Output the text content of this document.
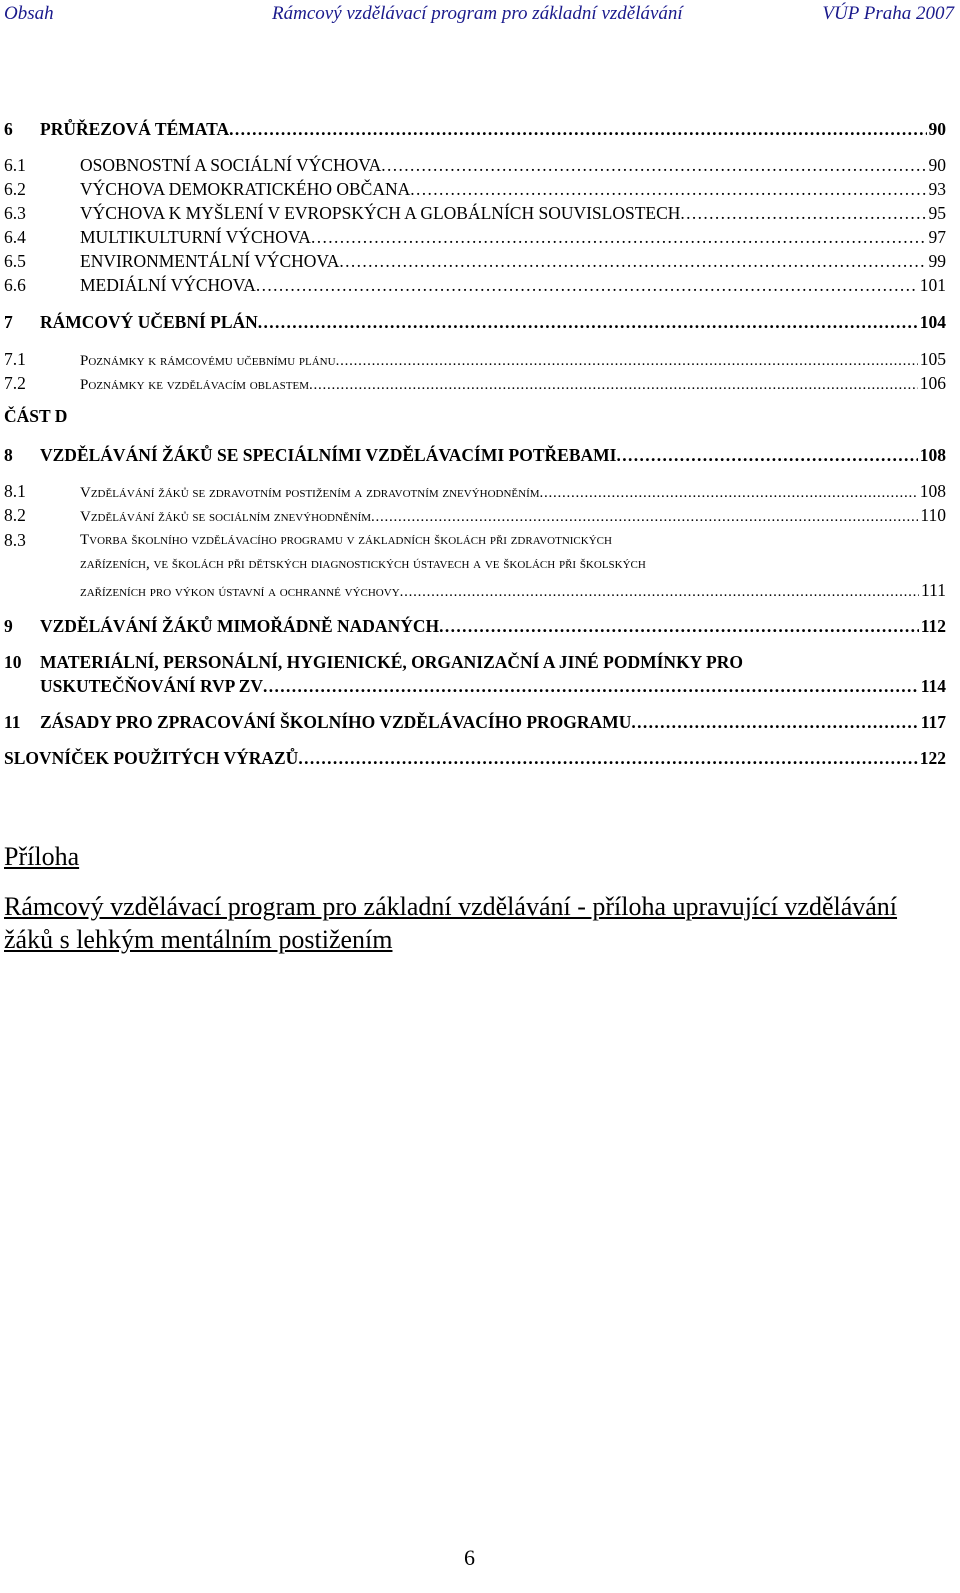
Obsah	Rámcový vzdělávací program pro základní vzdělávání	VÚP Praha 2007
6 PRŮŘEZOVÁ TÉMATA . . .	90
6.1	OSOBNOSTNÍ A SOCIÁLNÍ VÝCHOVA . . .	90
6.2	VÝCHOVA DEMOKRATICKÉHO OBČANA . . .	93
6.3	VÝCHOVA K MYŠLENÍ V EVROPSKÝCH A GLOBÁLNÍCH SOUVISLOSTECH . . .	95
6.4	MULTIKULTURNÍ VÝCHOVA . . .	97
6.5	ENVIRONMENTÁLNÍ VÝCHOVA . . .	99
6.6	MEDIÁLNÍ VÝCHOVA . . .	101
7 RÁMCOVÝ UČEBNÍ PLÁN . . .	104
7.1	Poznámky k rámcovému učebnímu plánu . . .	105
7.2	Poznámky ke vzdělávacím oblastem . . .	106
ČÁST D
8 VZDĚLÁVÁNÍ ŽÁKŮ SE SPECIÁLNÍMI VZDĚLÁVACÍMI POTŘEBAMI . . .	108
8.1	Vzdělávání žáků se zdravotním postižením a zdravotním znevýhodněním . . .	108
8.2	Vzdělávání žáků se sociálním znevýhodněním . . .	110
8.3	Tvorba školního vzdělávacího programu v základních školách při zdravotnických
zařízeních, ve školách při dětských diagnostických ústavech a ve školách při školských
zařízeních pro výkon ústavní a ochranné výchovy . . .	111
9 VZDĚLÁVÁNÍ ŽÁKŮ MIMOŘÁDNĚ NADANÝCH . . .	112
10 MATERIÁLNÍ, PERSONÁLNÍ, HYGIENICKÉ, ORGANIZAČNÍ A JINÉ PODMÍNKY PRO
USKUTEČŇOVÁNÍ RVP ZV . . .	114
11 ZÁSADY PRO ZPRACOVÁNÍ ŠKOLNÍHO VZDĚLÁVACÍHO PROGRAMU . . .	117
SLOVNÍČEK POUŽITÝCH VÝRAZŮ . . .	122
Příloha
Rámcový vzdělávací program pro základní vzdělávání - příloha upravující vzdělávání žáků s lehkým mentálním postižením
6
